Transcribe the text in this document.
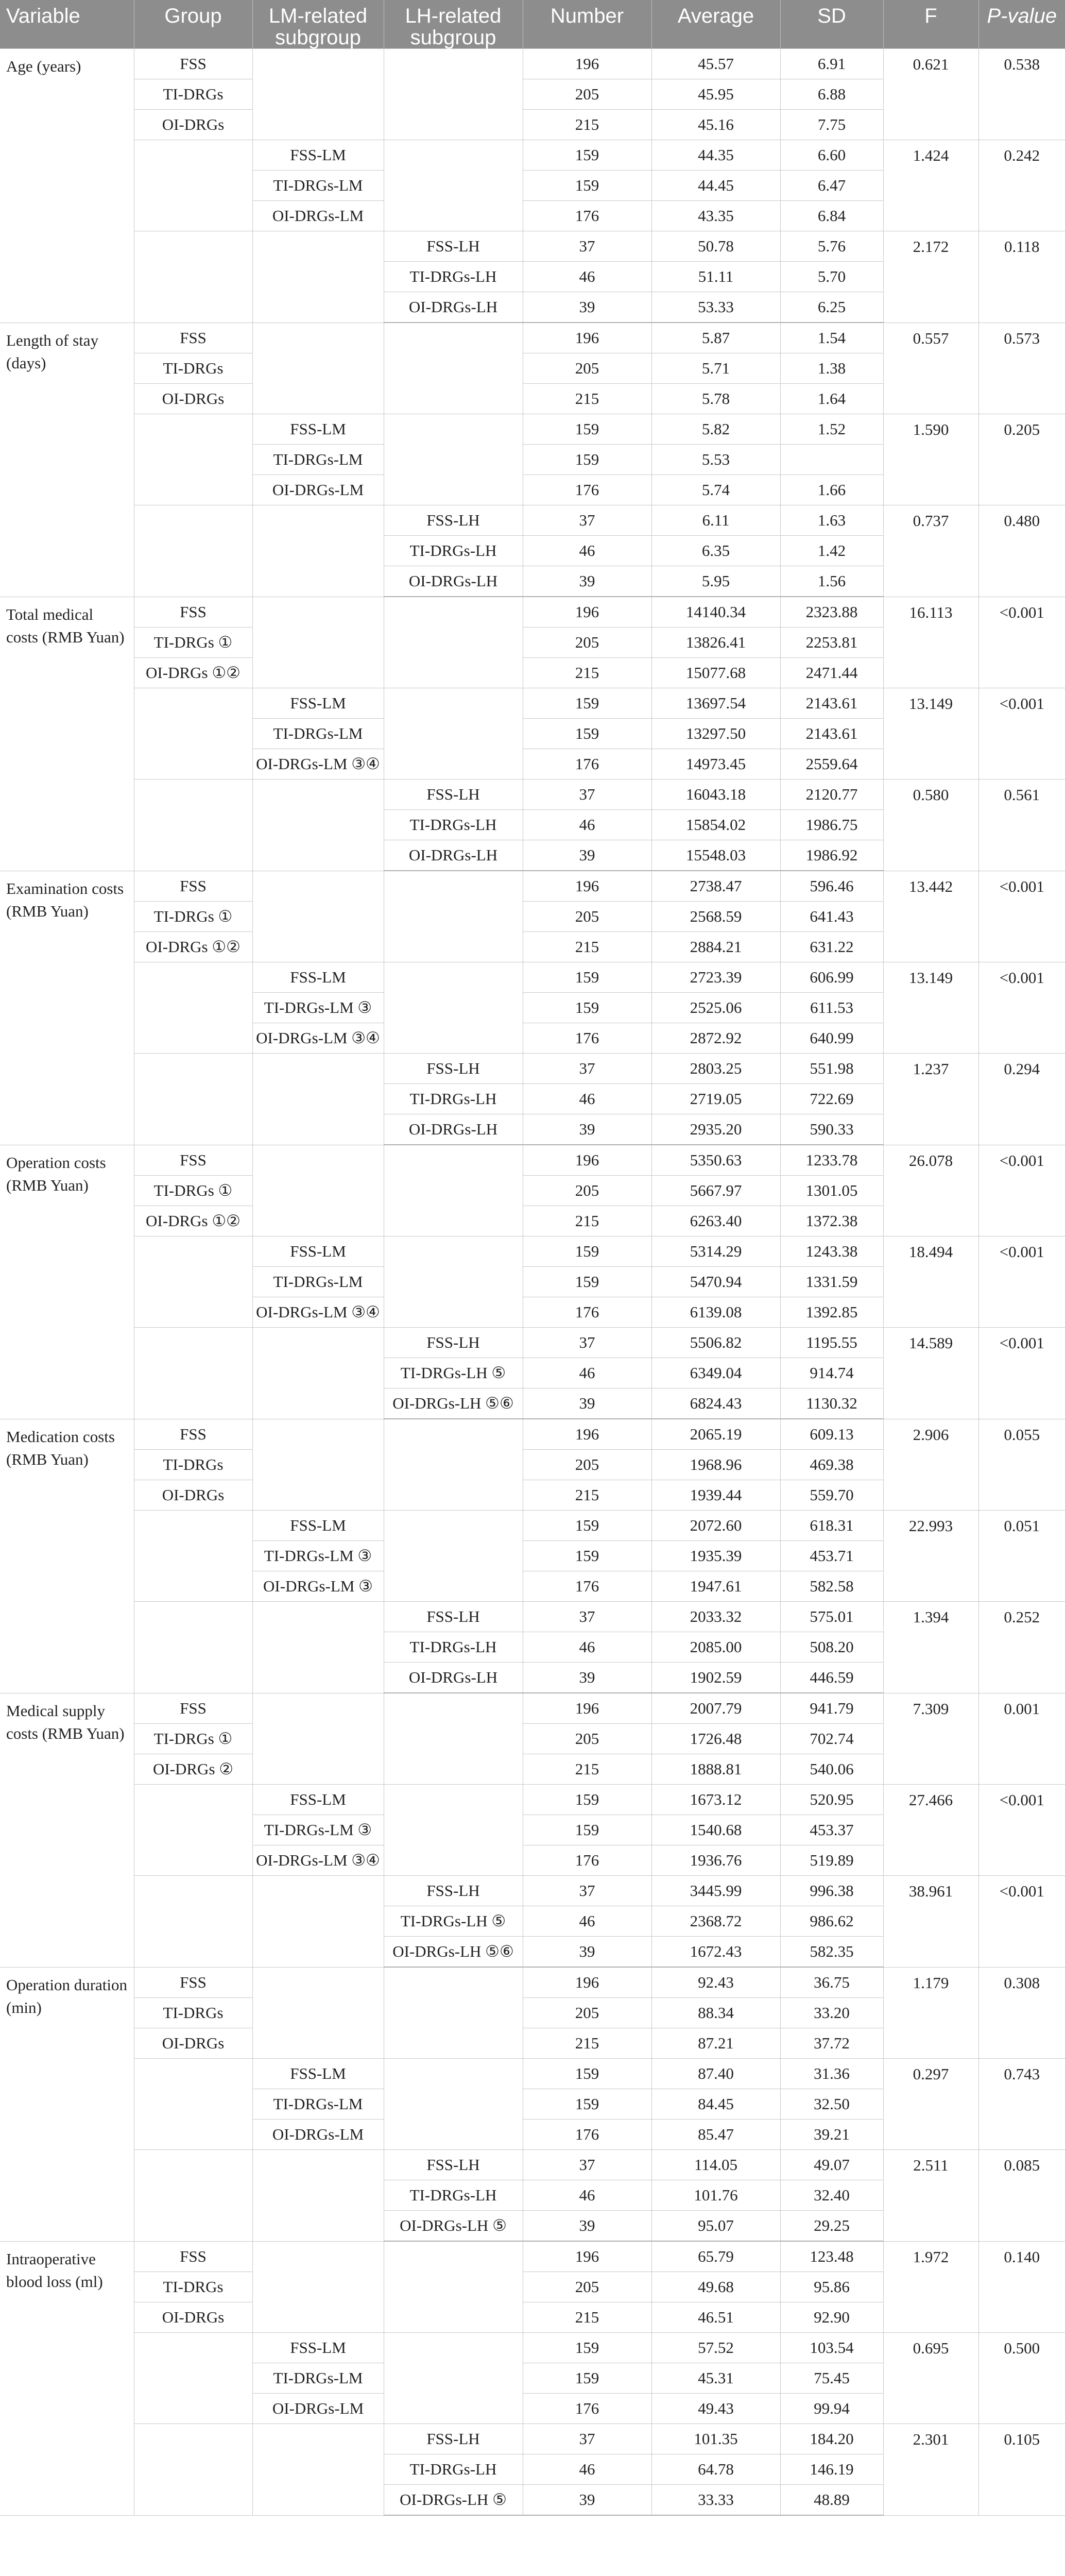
Variable	Group	LM-related subgroup	LH-related subgroup	Number	Average	SD	F	P-value
Age (years)	FSS			196	45.57	6.91	0.621	0.538
	TI-DRGs			205	45.95	6.88		
	OI-DRGs			215	45.16	7.75		
		FSS-LM		159	44.35	6.60	1.424	0.242
		TI-DRGs-LM		159	44.45	6.47		
		OI-DRGs-LM		176	43.35	6.84		
			FSS-LH	37	50.78	5.76	2.172	0.118
			TI-DRGs-LH	46	51.11	5.70		
			OI-DRGs-LH	39	53.33	6.25		
Length of stay (days)	FSS			196	5.87	1.54	0.557	0.573
	TI-DRGs			205	5.71	1.38		
	OI-DRGs			215	5.78	1.64		
		FSS-LM		159	5.82	1.52	1.590	0.205
		TI-DRGs-LM		159	5.53			
		OI-DRGs-LM		176	5.74	1.66		
			FSS-LH	37	6.11	1.63	0.737	0.480
			TI-DRGs-LH	46	6.35	1.42		
			OI-DRGs-LH	39	5.95	1.56		
Total medical costs (RMB Yuan)	FSS			196	14140.34	2323.88	16.113	<0.001
	TI-DRGs ①			205	13826.41	2253.81		
	OI-DRGs ①②			215	15077.68	2471.44		
		FSS-LM		159	13697.54	2143.61	13.149	<0.001
		TI-DRGs-LM		159	13297.50	2143.61		
		OI-DRGs-LM ③④		176	14973.45	2559.64		
			FSS-LH	37	16043.18	2120.77	0.580	0.561
			TI-DRGs-LH	46	15854.02	1986.75		
			OI-DRGs-LH	39	15548.03	1986.92		
Examination costs (RMB Yuan)	FSS			196	2738.47	596.46	13.442	<0.001
	TI-DRGs ①			205	2568.59	641.43		
	OI-DRGs ①②			215	2884.21	631.22		
		FSS-LM		159	2723.39	606.99	13.149	<0.001
		TI-DRGs-LM ③		159	2525.06	611.53		
		OI-DRGs-LM ③④		176	2872.92	640.99		
			FSS-LH	37	2803.25	551.98	1.237	0.294
			TI-DRGs-LH	46	2719.05	722.69		
			OI-DRGs-LH	39	2935.20	590.33		
Operation costs (RMB Yuan)	FSS			196	5350.63	1233.78	26.078	<0.001
	TI-DRGs ①			205	5667.97	1301.05		
	OI-DRGs ①②			215	6263.40	1372.38		
		FSS-LM		159	5314.29	1243.38	18.494	<0.001
		TI-DRGs-LM		159	5470.94	1331.59		
		OI-DRGs-LM ③④		176	6139.08	1392.85		
			FSS-LH	37	5506.82	1195.55	14.589	<0.001
			TI-DRGs-LH ⑤	46	6349.04	914.74		
			OI-DRGs-LH ⑤⑥	39	6824.43	1130.32		
Medication costs (RMB Yuan)	FSS			196	2065.19	609.13	2.906	0.055
	TI-DRGs			205	1968.96	469.38		
	OI-DRGs			215	1939.44	559.70		
		FSS-LM		159	2072.60	618.31	22.993	0.051
		TI-DRGs-LM ③		159	1935.39	453.71		
		OI-DRGs-LM ③		176	1947.61	582.58		
			FSS-LH	37	2033.32	575.01	1.394	0.252
			TI-DRGs-LH	46	2085.00	508.20		
			OI-DRGs-LH	39	1902.59	446.59		
Medical supply costs (RMB Yuan)	FSS			196	2007.79	941.79	7.309	0.001
	TI-DRGs ①			205	1726.48	702.74		
	OI-DRGs ②			215	1888.81	540.06		
		FSS-LM		159	1673.12	520.95	27.466	<0.001
		TI-DRGs-LM ③		159	1540.68	453.37		
		OI-DRGs-LM ③④		176	1936.76	519.89		
			FSS-LH	37	3445.99	996.38	38.961	<0.001
			TI-DRGs-LH ⑤	46	2368.72	986.62		
			OI-DRGs-LH ⑤⑥	39	1672.43	582.35		
Operation duration (min)	FSS			196	92.43	36.75	1.179	0.308
	TI-DRGs			205	88.34	33.20		
	OI-DRGs			215	87.21	37.72		
		FSS-LM		159	87.40	31.36	0.297	0.743
		TI-DRGs-LM		159	84.45	32.50		
		OI-DRGs-LM		176	85.47	39.21		
			FSS-LH	37	114.05	49.07	2.511	0.085
			TI-DRGs-LH	46	101.76	32.40		
			OI-DRGs-LH ⑤	39	95.07	29.25		
Intraoperative blood loss (ml)	FSS			196	65.79	123.48	1.972	0.140
	TI-DRGs			205	49.68	95.86		
	OI-DRGs			215	46.51	92.90		
		FSS-LM		159	57.52	103.54	0.695	0.500
		TI-DRGs-LM		159	45.31	75.45		
		OI-DRGs-LM		176	49.43	99.94		
			FSS-LH	37	101.35	184.20	2.301	0.105
			TI-DRGs-LH	46	64.78	146.19		
			OI-DRGs-LH ⑤	39	33.33	48.89		
